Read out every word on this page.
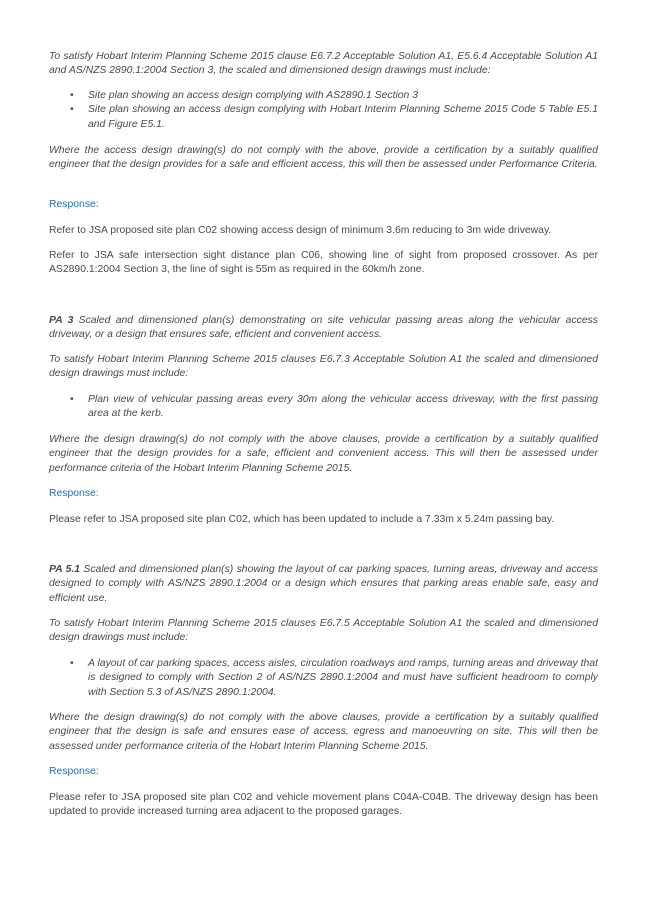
To satisfy Hobart Interim Planning Scheme 2015 clause E6.7.2 Acceptable Solution A1, E5.6.4 Acceptable Solution A1 and AS/NZS 2890.1:2004 Section 3, the scaled and dimensioned design drawings must include:

• Site plan showing an access design complying with AS2890.1 Section 3
• Site plan showing an access design complying with Hobart Interim Planning Scheme 2015 Code 5 Table E5.1 and Figure E5.1.

Where the access design drawing(s) do not comply with the above, provide a certification by a suitably qualified engineer that the design provides for a safe and efficient access, this will then be assessed under Performance Criteria.

Response:

Refer to JSA proposed site plan C02 showing access design of minimum 3.6m reducing to 3m wide driveway.

Refer to JSA safe intersection sight distance plan C06, showing line of sight from proposed crossover. As per AS2890.1:2004 Section 3, the line of sight is 55m as required in the 60km/h zone.

PA 3 Scaled and dimensioned plan(s) demonstrating on site vehicular passing areas along the vehicular access driveway, or a design that ensures safe, efficient and convenient access.

To satisfy Hobart Interim Planning Scheme 2015 clauses E6.7.3 Acceptable Solution A1 the scaled and dimensioned design drawings must include:

• Plan view of vehicular passing areas every 30m along the vehicular access driveway, with the first passing area at the kerb.

Where the design drawing(s) do not comply with the above clauses, provide a certification by a suitably qualified engineer that the design provides for a safe, efficient and convenient access. This will then be assessed under performance criteria of the Hobart Interim Planning Scheme 2015.

Response:

Please refer to JSA proposed site plan C02, which has been updated to include a 7.33m x 5.24m passing bay.

PA 5.1 Scaled and dimensioned plan(s) showing the layout of car parking spaces, turning areas, driveway and access designed to comply with AS/NZS 2890.1:2004 or a design which ensures that parking areas enable safe, easy and efficient use.

To satisfy Hobart Interim Planning Scheme 2015 clauses E6.7.5 Acceptable Solution A1 the scaled and dimensioned design drawings must include:

• A layout of car parking spaces, access aisles, circulation roadways and ramps, turning areas and driveway that is designed to comply with Section 2 of AS/NZS 2890.1:2004 and must have sufficient headroom to comply with Section 5.3 of AS/NZS 2890.1:2004.

Where the design drawing(s) do not comply with the above clauses, provide a certification by a suitably qualified engineer that the design is safe and ensures ease of access, egress and manoeuvring on site. This will then be assessed under performance criteria of the Hobart Interim Planning Scheme 2015.

Response:

Please refer to JSA proposed site plan C02 and vehicle movement plans C04A-C04B. The driveway design has been updated to provide increased turning area adjacent to the proposed garages.
